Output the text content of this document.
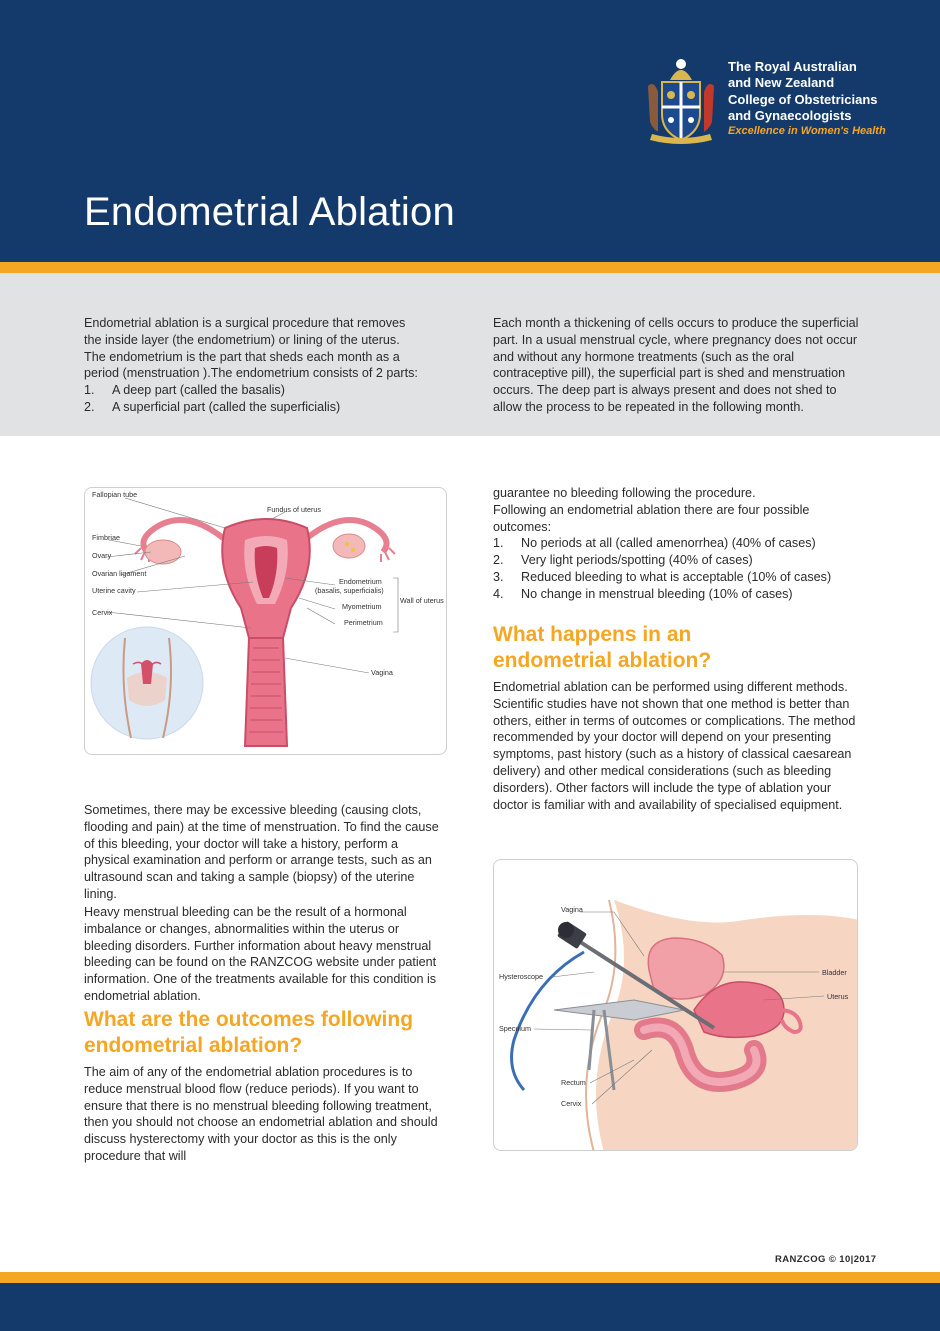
The Royal Australian
and New Zealand
College of Obstetricians
and Gynaecologists
Excellence in Women's Health
Endometrial Ablation

Endometrial ablation is a surgical procedure that removes the inside layer (the endometrium) or lining of the uterus. The endometrium is the part that sheds each month as a period (menstruation ).The endometrium consists of 2 parts:

1.	A deep part (called the basalis)
2.	A superficial part (called the superficialis)

Each month a thickening of cells occurs to produce the superficial part. In a usual menstrual cycle, where pregnancy does not occur and without any hormone treatments (such as the oral contraceptive pill), the superficial part is shed and menstruation occurs. The deep part is always present and does not shed to allow the process to be repeated in the following month.

Fallopian tube
Fundus of uterus
Fimbriae
Ovary
Ovarian ligament
Uterine cavity
Cervix
Endometrium
(basalis, superficialis)
Myometrium
Perimetrium
Wall of uterus
Vagina

Sometimes, there may be excessive bleeding (causing clots, flooding and pain) at the time of menstruation. To find the cause of this bleeding, your doctor will take a history, perform a physical examination and perform or arrange tests, such as an ultrasound scan and taking a sample (biopsy) of the uterine lining.

Heavy menstrual bleeding can be the result of a hormonal imbalance or changes, abnormalities within the uterus or bleeding disorders. Further information about heavy menstrual bleeding can be found on the RANZCOG website under patient information. One of the treatments available for this condition is endometrial ablation.

What are the outcomes following endometrial ablation?

The aim of any of the endometrial ablation procedures is to reduce menstrual blood flow (reduce periods). If you want to ensure that there is no menstrual bleeding following treatment, then you should not choose an endometrial ablation and should discuss hysterectomy with your doctor as this is the only procedure that will

guarantee no bleeding following the procedure.

Following an endometrial ablation there are four possible outcomes:

1.	No periods at all (called amenorrhea) (40% of cases)
2.	Very light periods/spotting (40% of cases)
3.	Reduced bleeding to what is acceptable (10% of cases)
4.	No change in menstrual bleeding (10% of cases)
What happens in an endometrial ablation?

Endometrial ablation can be performed using different methods. Scientific studies have not shown that one method is better than others, either in terms of outcomes or complications. The method recommended by your doctor will depend on your presenting symptoms, past history (such as a history of classical caesarean delivery) and other medical considerations (such as bleeding disorders). Other factors will include the type of ablation your doctor is familiar with and availability of specialised equipment.

Vagina
Hysteroscope
Speculum
Rectum
Cervix
Bladder
Uterus
RANZCOG © 10|2017
